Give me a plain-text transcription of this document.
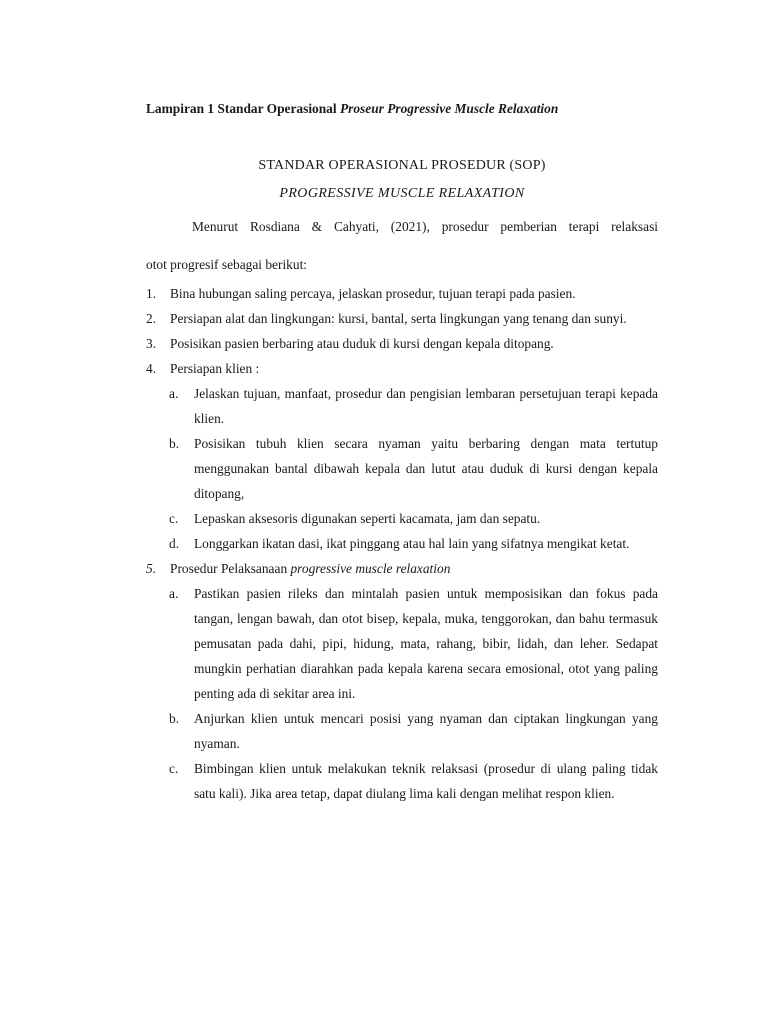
Lampiran 1 Standar Operasional Proseur Progressive Muscle Relaxation
STANDAR OPERASIONAL PROSEDUR (SOP)
PROGRESSIVE MUSCLE RELAXATION

Menurut Rosdiana & Cahyati, (2021), prosedur pemberian terapi relaksasi

otot progresif sebagai berikut:

1. Bina hubungan saling percaya, jelaskan prosedur, tujuan terapi pada pasien.
2. Persiapan alat dan lingkungan: kursi, bantal, serta lingkungan yang tenang dan sunyi.
3. Posisikan pasien berbaring atau duduk di kursi dengan kepala ditopang.
4. Persiapan klien :
a. Jelaskan tujuan, manfaat, prosedur dan pengisian lembaran persetujuan terapi kepada klien.
b. Posisikan tubuh klien secara nyaman yaitu berbaring dengan mata tertutup menggunakan bantal dibawah kepala dan lutut atau duduk di kursi dengan kepala ditopang,
c. Lepaskan aksesoris digunakan seperti kacamata, jam dan sepatu.
d. Longgarkan ikatan dasi, ikat pinggang atau hal lain yang sifatnya mengikat ketat.
5. Prosedur Pelaksanaan progressive muscle relaxation
a. Pastikan pasien rileks dan mintalah pasien untuk memposisikan dan fokus pada tangan, lengan bawah, dan otot bisep, kepala, muka, tenggorokan, dan bahu termasuk pemusatan pada dahi, pipi, hidung, mata, rahang, bibir, lidah, dan leher. Sedapat mungkin perhatian diarahkan pada kepala karena secara emosional, otot yang paling penting ada di sekitar area ini.
b. Anjurkan klien untuk mencari posisi yang nyaman dan ciptakan lingkungan yang nyaman.
c. Bimbingan klien untuk melakukan teknik relaksasi (prosedur di ulang paling tidak satu kali). Jika area tetap, dapat diulang lima kali dengan melihat respon klien.
